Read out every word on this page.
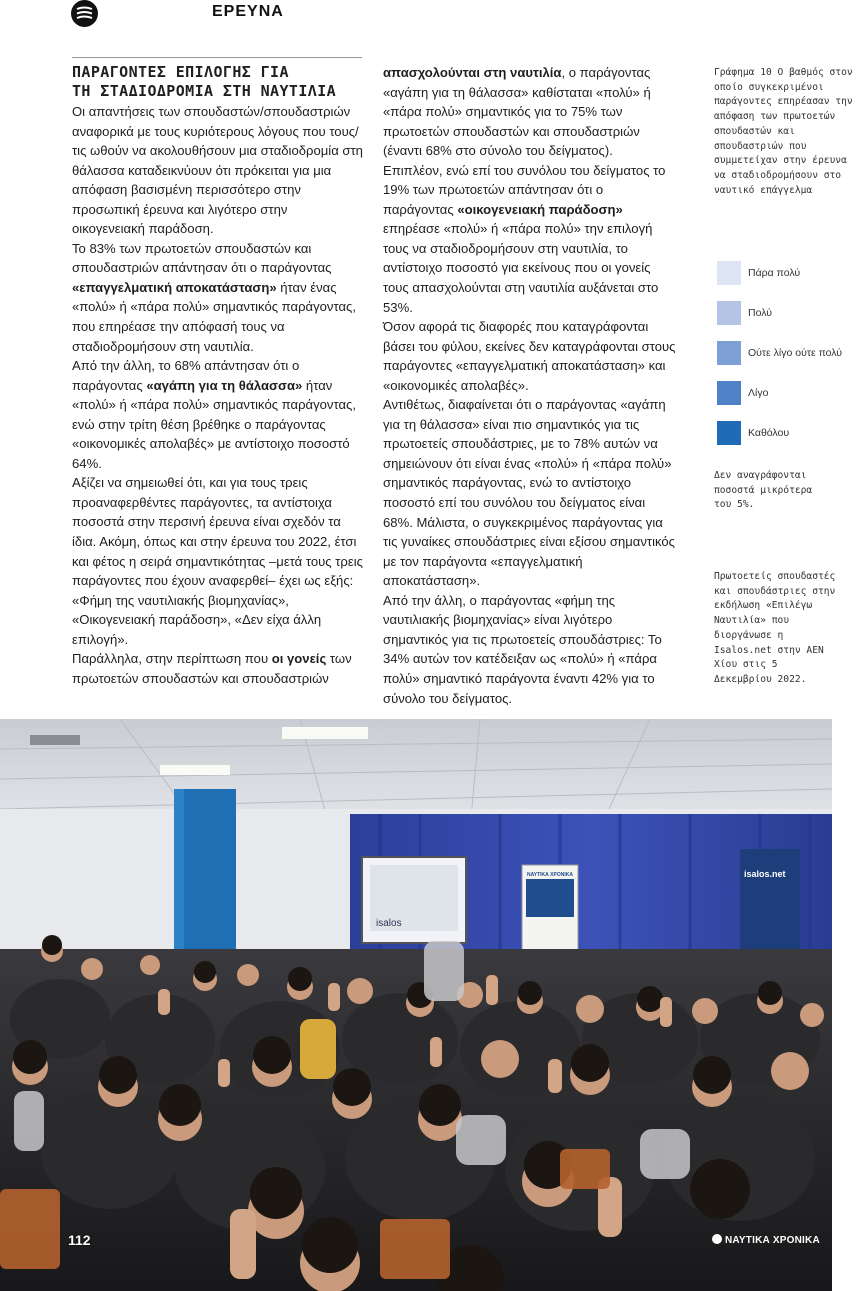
ΕΡΕΥΝΑ
ΠΑΡΑΓΟΝΤΕΣ ΕΠΙΛΟΓΗΣ ΓΙΑ
ΤΗ ΣΤΑΔΙΟΔΡΟΜΙΑ ΣΤΗ ΝΑΥΤΙΛΙΑ

Οι απαντήσεις των σπουδαστών/σπουδαστριών αναφορικά με τους κυριότερους λόγους που τους/τις ωθούν να ακολουθήσουν μια σταδιοδρομία στη θάλασσα καταδεικνύουν ότι πρόκειται για μια απόφαση βασισμένη περισσότερο στην προσωπική έρευνα και λιγότερο στην οικογενειακή παράδοση.

Το 83% των πρωτοετών σπουδαστών και σπουδαστριών απάντησαν ότι ο παράγοντας «επαγγελματική αποκατάσταση» ήταν ένας «πολύ» ή «πάρα πολύ» σημαντικός παράγοντας, που επηρέασε την απόφασή τους να σταδιοδρομήσουν στη ναυτιλία.

Από την άλλη, το 68% απάντησαν ότι ο παράγοντας «αγάπη για τη θάλασσα» ήταν «πολύ» ή «πάρα πολύ» σημαντικός παράγοντας, ενώ στην τρίτη θέση βρέθηκε ο παράγοντας «οικονομικές απολαβές» με αντίστοιχο ποσοστό 64%.

Αξίζει να σημειωθεί ότι, και για τους τρεις προαναφερθέντες παράγοντες, τα αντίστοιχα ποσοστά στην περσινή έρευνα είναι σχεδόν τα ίδια. Ακόμη, όπως και στην έρευνα του 2022, έτσι και φέτος η σειρά σημαντικότητας –μετά τους τρεις παράγοντες που έχουν αναφερθεί– έχει ως εξής: «Φήμη της ναυτιλιακής βιομηχανίας», «Οικογενειακή παράδοση», «Δεν είχα άλλη επιλογή».

Παράλληλα, στην περίπτωση που οι γονείς των πρωτοετών σπουδαστών και σπουδαστριών

απασχολούνται στη ναυτιλία, ο παράγοντας «αγάπη για τη θάλασσα» καθίσταται «πολύ» ή «πάρα πολύ» σημαντικός για το 75% των πρωτοετών σπουδαστών και σπουδαστριών (έναντι 68% στο σύνολο του δείγματος).

Επιπλέον, ενώ επί του συνόλου του δείγματος το 19% των πρωτοετών απάντησαν ότι ο παράγοντας «οικογενειακή παράδοση» επηρέασε «πολύ» ή «πάρα πολύ» την επιλογή τους να σταδιοδρομήσουν στη ναυτιλία, το αντίστοιχο ποσοστό για εκείνους που οι γονείς τους απασχολούνται στη ναυτιλία αυξάνεται στο 53%.

Όσον αφορά τις διαφορές που καταγράφονται βάσει του φύλου, εκείνες δεν καταγράφονται στους παράγοντες «επαγγελματική αποκατάσταση» και «οικονομικές απολαβές».

Αντιθέτως, διαφαίνεται ότι ο παράγοντας «αγάπη για τη θάλασσα» είναι πιο σημαντικός για τις πρωτοετείς σπουδάστριες, με το 78% αυτών να σημειώνουν ότι είναι ένας «πολύ» ή «πάρα πολύ» σημαντικός παράγοντας, ενώ το αντίστοιχο ποσοστό επί του συνόλου του δείγματος είναι 68%. Μάλιστα, ο συγκεκριμένος παράγοντας για τις γυναίκες σπουδάστριες είναι εξίσου σημαντικός με τον παράγοντα «επαγγελματική αποκατάσταση».

Από την άλλη, ο παράγοντας «φήμη της ναυτιλιακής βιομηχανίας» είναι λιγότερο σημαντικός για τις πρωτοετείς σπουδάστριες: Το 34% αυτών τον κατέδειξαν ως «πολύ» ή «πάρα πολύ» σημαντικό παράγοντα έναντι 42% για το σύνολο του δείγματος.

Γράφημα 10 Ο βαθμός στον οποίο συγκεκριμένοι παράγοντες επηρέασαν την απόφαση των πρωτοετών σπουδαστών και σπουδαστριών που συμμετείχαν στην έρευνα να σταδιοδρομήσουν στο ναυτικό επάγγελμα
Πάρα πολύ
Πολύ
Ούτε λίγο ούτε πολύ
Λίγο
Καθόλου
Δεν αναγράφονται ποσοστά μικρότερα του 5%.
Πρωτοετείς σπουδαστές και σπουδάστριες στην εκδήλωση «Επιλέγω Ναυτιλία» που διοργάνωσε η Isalos.net στην ΑΕΝ Χίου στις 5 Δεκεμβρίου 2022.
isalos
ΝΑΥΤΙΚΑ ΧΡΟΝΙΚΑ	isalos.net
112	ΝΑΥΤΙΚΑ ΧΡΟΝΙΚΑ
